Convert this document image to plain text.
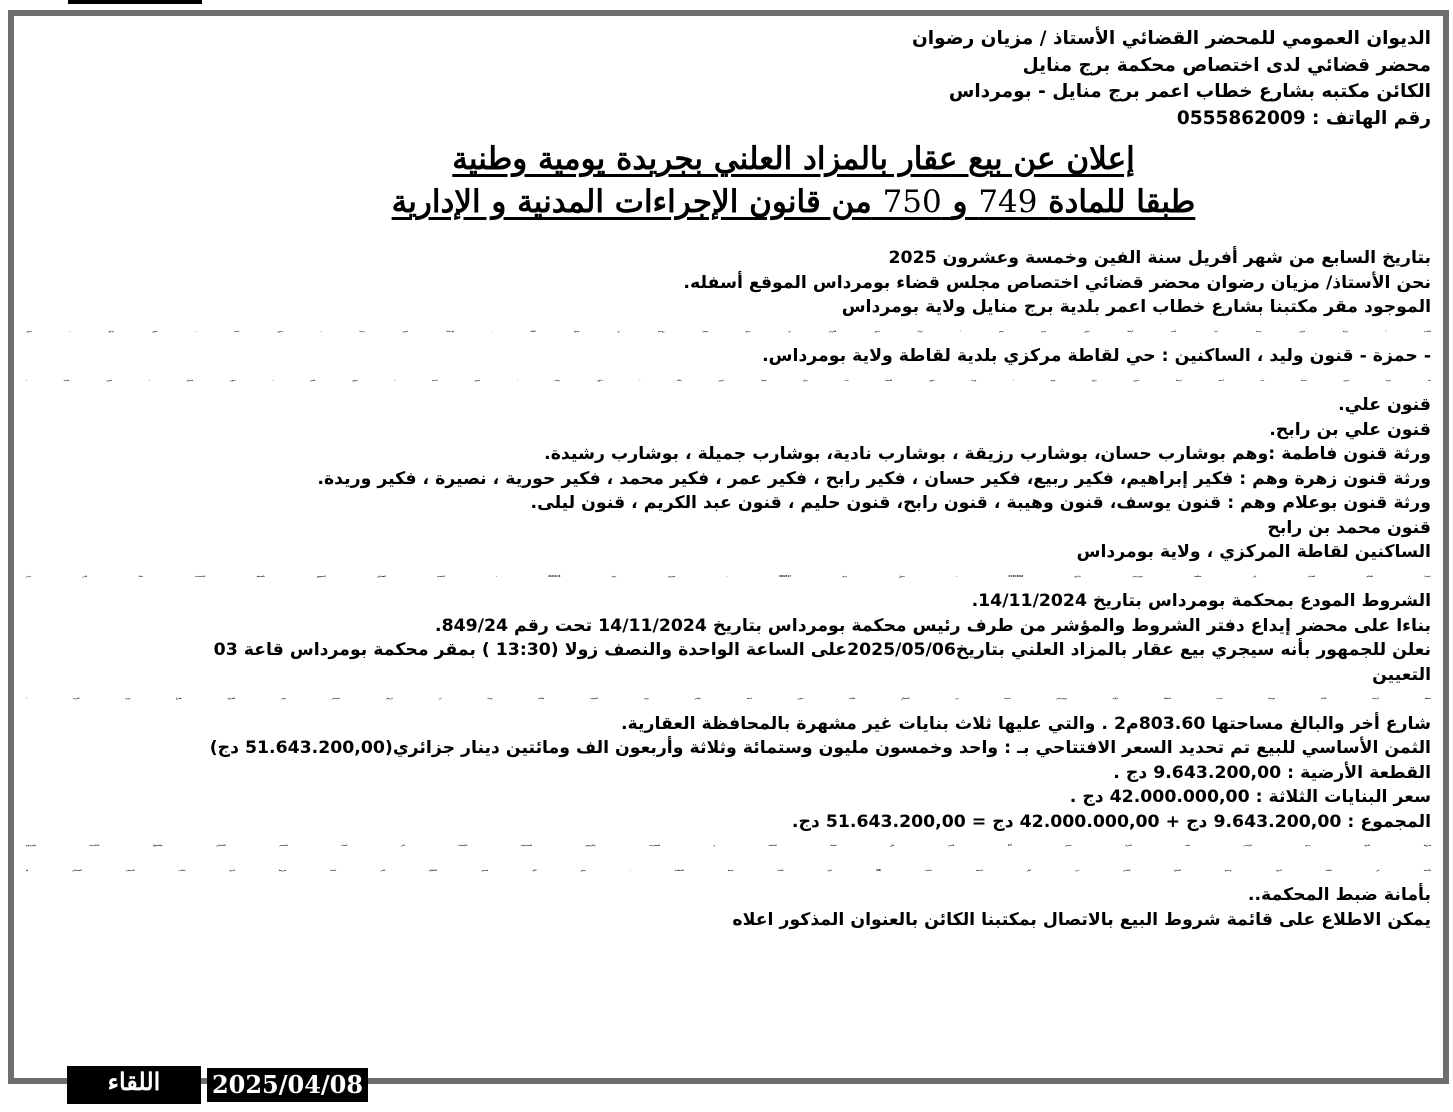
الديوان العمومي للمحضر القضائي الأستاذ / مزيان رضوان
محضر قضائي لدى اختصاص محكمة برج منايل
الكائن مكتبه بشارع خطاب اعمر برج منايل - بومرداس
رقم الهاتف : 0555862009
إعلان عن بيع عقار بالمزاد العلني بجريدة يومية وطنية
طبقا للمادة 749 و 750 من قانون الإجراءات المدنية و الإدارية
بتاريخ السابع من شهر أفريل سنة الفين وخمسة وعشرون 2025
نحن الأستاذ/ مزيان رضوان محضر قضائي اختصاص مجلس قضاء بومرداس الموقع أسفله.
الموجود مقر مكتبنا بشارع خطاب اعمر بلدية برج منايل ولاية بومرداس
لفائدة / ورثة قنون يمينة بنت أحمد أرملة قنون رابح وهم : ورثة قنون العربي بن رابح وهم: زوجته بن بعيود غالية . وابنائه: قنون رتيبة - قنون احمد - قنون رفيق - قنون
- حمزة - قنون وليد ، الساكنين : حي لقاطة مركزي بلدية لقاطة ولاية بومرداس.
ضد ورثة قنون يمينة بنت أحمد ارملة قنون رابح وهم : ورثة قنون عائشة بنت رابح وهم: قنون خالد - قنون رشيد - قنون ناجية - قنون اعمر - قنون فضيل - قنون خليدة -
قنون علي.
قنون علي بن رابح.
ورثة قنون فاطمة :وهم بوشارب حسان، بوشارب رزيقة ، بوشارب نادية، بوشارب جميلة ، بوشارب رشيدة.
ورثة قنون زهرة وهم : فكير إبراهيم، فكير ربيع، فكير حسان ، فكير رابح ، فكير عمر ، فكير محمد ، فكير حورية ، نصيرة ، فكير وريدة.
ورثة قنون بوعلام وهم : قنون يوسف، قنون وهيبة ، قنون رابح، قنون حليم ، قنون عبد الكريم ، قنون ليلى.
قنون محمد بن رابح
الساكنين لقاطة المركزي ، ولاية بومرداس
تنفيذا للحكم الصادر عن محكمة بومرداس بتاريخ 03/04/2018 - جدول رقم 04825/17 - فهرس رقم 01641/18 - القسم العقاري الممهور بالصيغة التنفيذية. بناءا على دفتر
الشروط المودع بمحكمة بومرداس بتاريخ 14/11/2024.
بناءا على محضر إيداع دفتر الشروط والمؤشر من طرف رئيس محكمة بومرداس بتاريخ 14/11/2024 تحت رقم 849/24.
نعلن للجمهور بأنه سيجري بيع عقار بالمزاد العلني بتاريخ2025/05/06على الساعة الواحدة والنصف زولا (13:30 ) بمقر محكمة بومرداس قاعة 03
التعيين
قطعة أرضية كائنة بوسط مدينة لقاطة ولاية بومرداس يحدها من الشمال ملكية قنون احمد وعلي ومن الجنوب ملكية ورثة بن قريش سليمان ومن الشرق شارع ومن الغرب :
شارع أخر والبالغ مساحتها 803.60م2 . والتي عليها ثلاث بنايات غير مشهرة بالمحافظة العقارية.
الثمن الأساسي للبيع تم تحديد السعر الافتتاحي بـ : واحد وخمسون مليون وستمائة وثلاثة وأربعون الف ومائتين دينار جزائري(51.643.200,00 دج)
القطعة الأرضية : 9.643.200,00 دج .
سعر البنايات الثلاثة : 42.000.000,00 دج .
المجموع : 9.643.200,00 دج + 42.000.000,00 دج = 51.643.200,00 دج.
شروط البيع: يدفع الراسي عليه المزاد خمس 1/5 الثمن حال انعقاد الجلسة و المصاريف والرسوم المستحقة بالإضافة الى أتعاب المحضر القضائي والحقوق التناسبية والرسوم
الناتجة عن عملية البيع، ويدفع المبلغ الباقي في أجل أقصاه ثمانية (08) ايام بأمانة ضبط المحكمة - يجوز لكل شخص الاطلاع على قائمة شروط البيع بمكتب المحضر القضائي أو
بأمانة ضبط المحكمة..
يمكن الاطلاع على قائمة شروط البيع بالاتصال بمكتبنا الكائن بالعنوان المذكور اعلاه
اللقاء	2025/04/08
